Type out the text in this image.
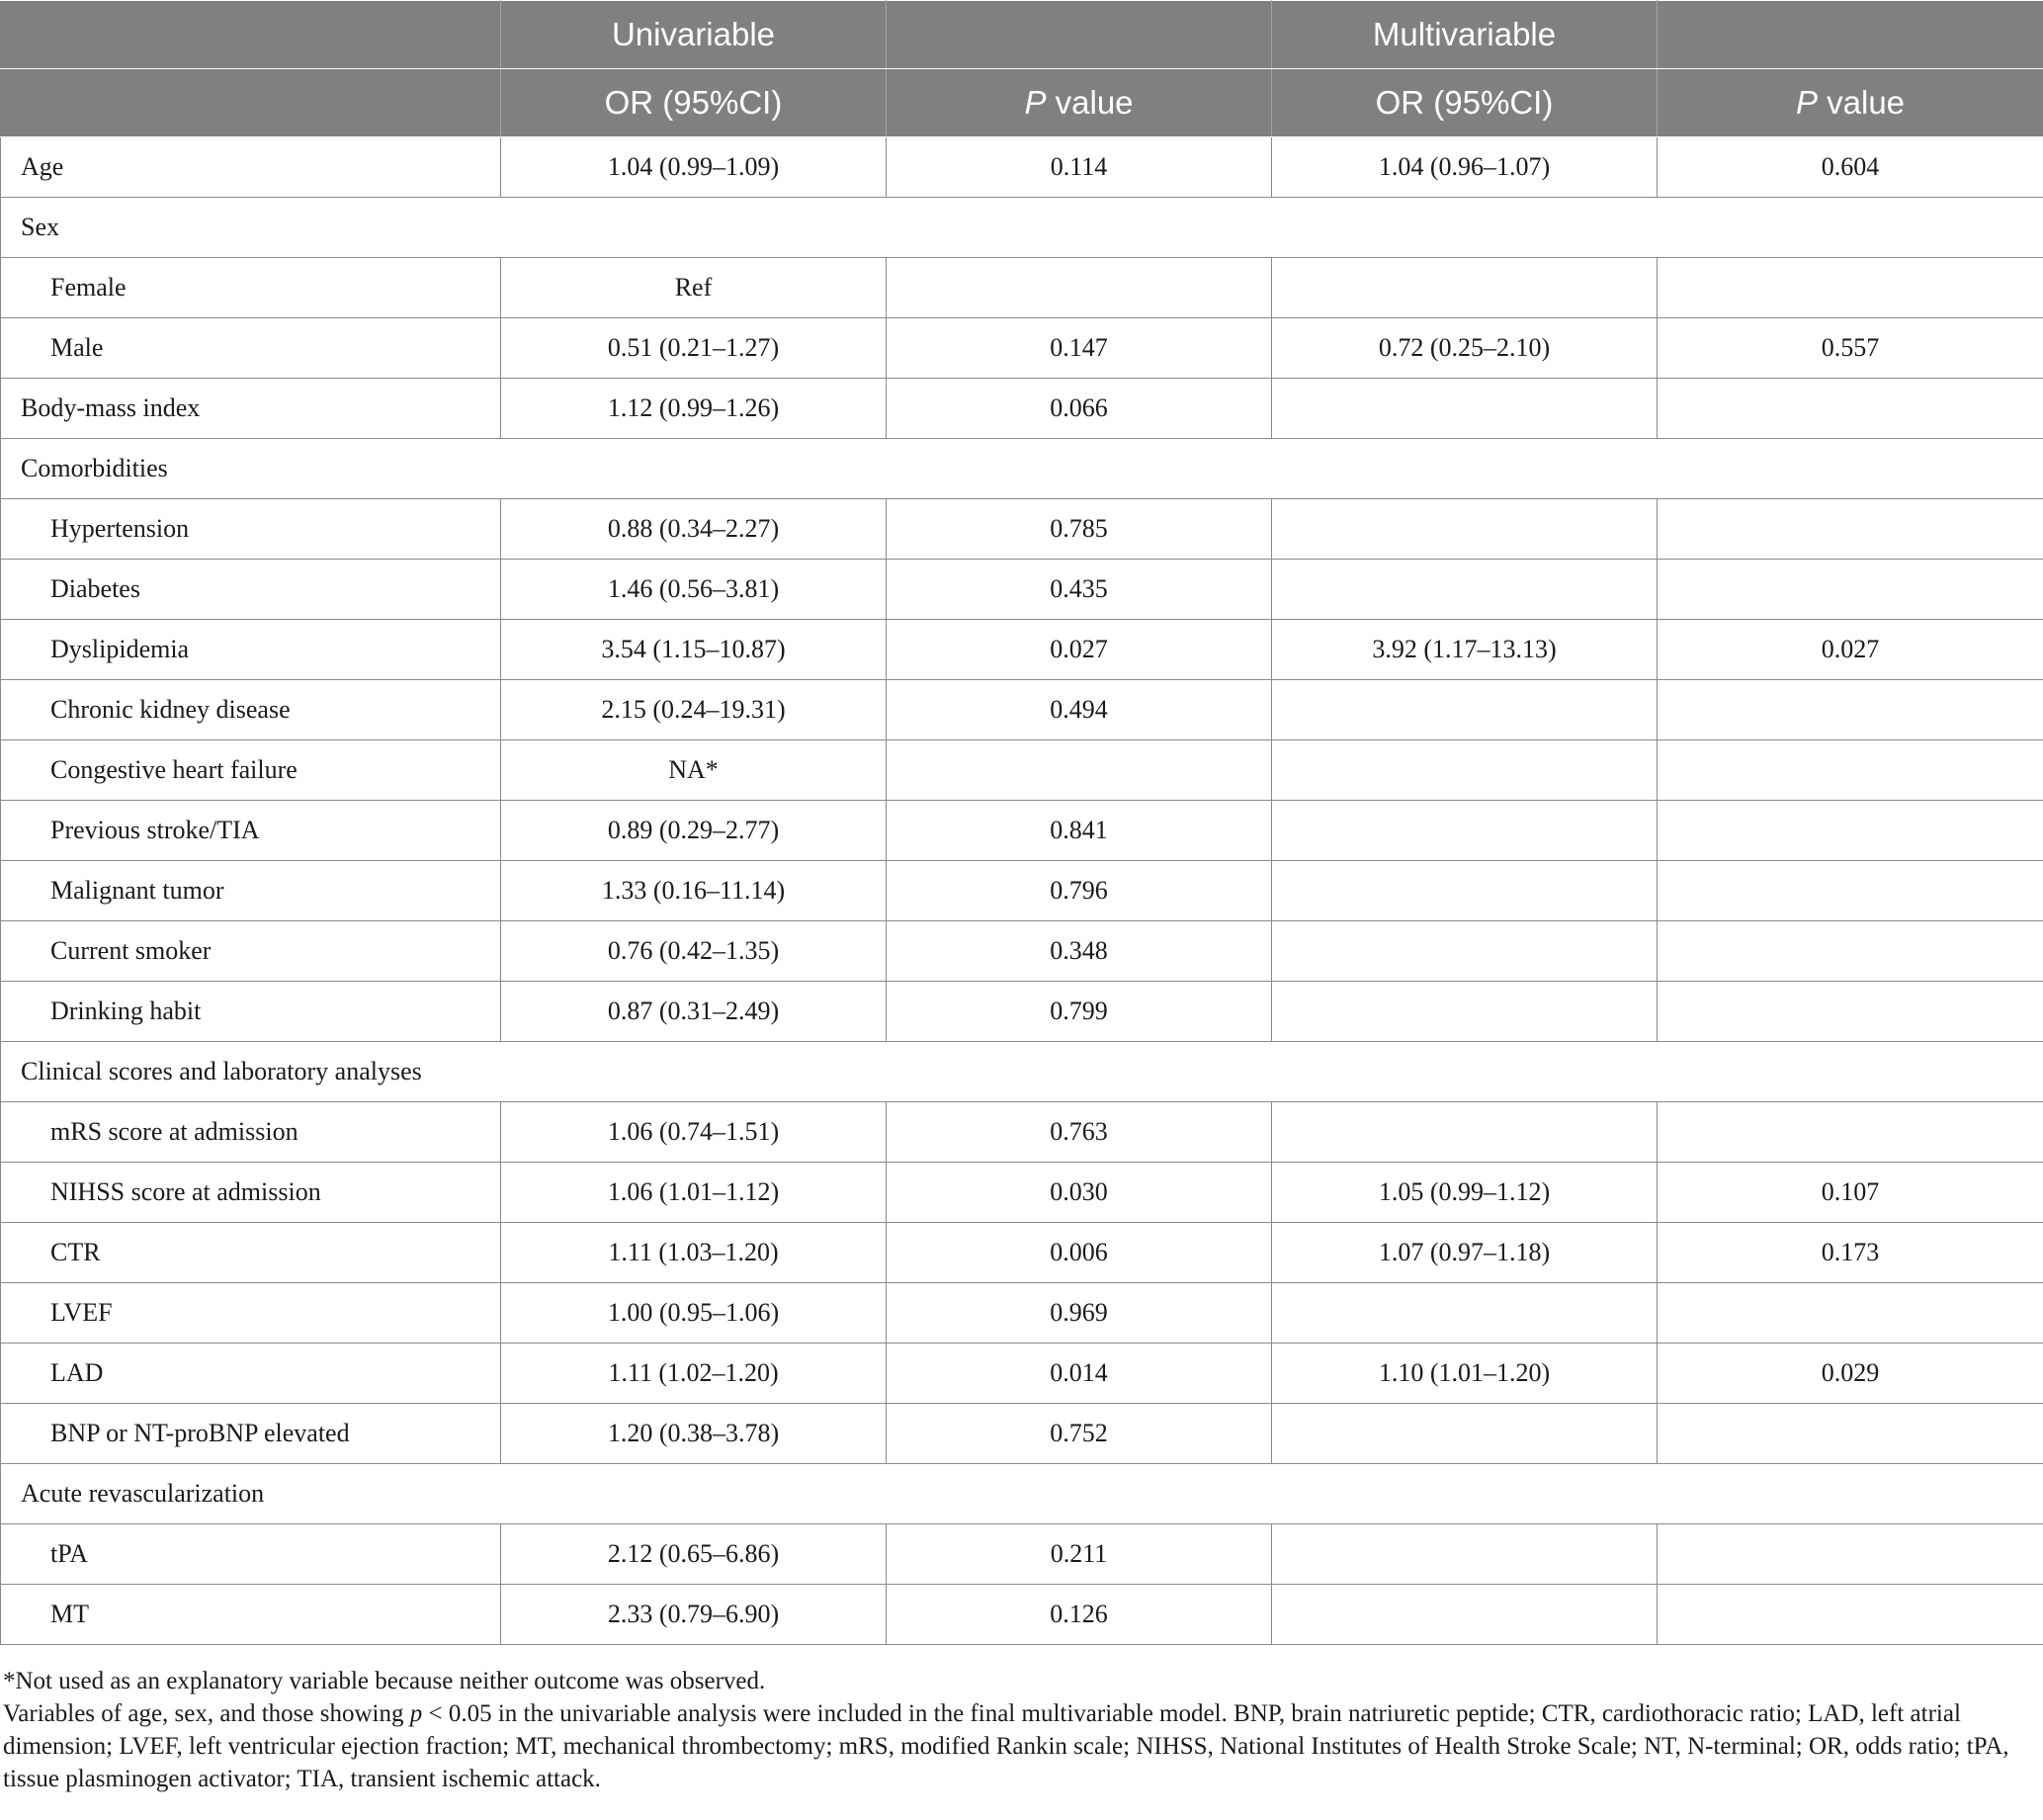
	Univariable		Multivariable	
	OR (95%CI)	P value	OR (95%CI)	P value
Age	1.04 (0.99–1.09)	0.114	1.04 (0.96–1.07)	0.604
Sex				
Female	Ref			
Male	0.51 (0.21–1.27)	0.147	0.72 (0.25–2.10)	0.557
Body-mass index	1.12 (0.99–1.26)	0.066		
Comorbidities				
Hypertension	0.88 (0.34–2.27)	0.785		
Diabetes	1.46 (0.56–3.81)	0.435		
Dyslipidemia	3.54 (1.15–10.87)	0.027	3.92 (1.17–13.13)	0.027
Chronic kidney disease	2.15 (0.24–19.31)	0.494		
Congestive heart failure	NA*			
Previous stroke/TIA	0.89 (0.29–2.77)	0.841		
Malignant tumor	1.33 (0.16–11.14)	0.796		
Current smoker	0.76 (0.42–1.35)	0.348		
Drinking habit	0.87 (0.31–2.49)	0.799		
Clinical scores and laboratory analyses				
mRS score at admission	1.06 (0.74–1.51)	0.763		
NIHSS score at admission	1.06 (1.01–1.12)	0.030	1.05 (0.99–1.12)	0.107
CTR	1.11 (1.03–1.20)	0.006	1.07 (0.97–1.18)	0.173
LVEF	1.00 (0.95–1.06)	0.969		
LAD	1.11 (1.02–1.20)	0.014	1.10 (1.01–1.20)	0.029
BNP or NT-proBNP elevated	1.20 (0.38–3.78)	0.752		
Acute revascularization				
tPA	2.12 (0.65–6.86)	0.211		
MT	2.33 (0.79–6.90)	0.126		

*Not used as an explanatory variable because neither outcome was observed.

Variables of age, sex, and those showing p < 0.05 in the univariable analysis were included in the final multivariable model. BNP, brain natriuretic peptide; CTR, cardiothoracic ratio; LAD, left atrial dimension; LVEF, left ventricular ejection fraction; MT, mechanical thrombectomy; mRS, modified Rankin scale; NIHSS, National Institutes of Health Stroke Scale; NT, N-terminal; OR, odds ratio; tPA, tissue plasminogen activator; TIA, transient ischemic attack.
